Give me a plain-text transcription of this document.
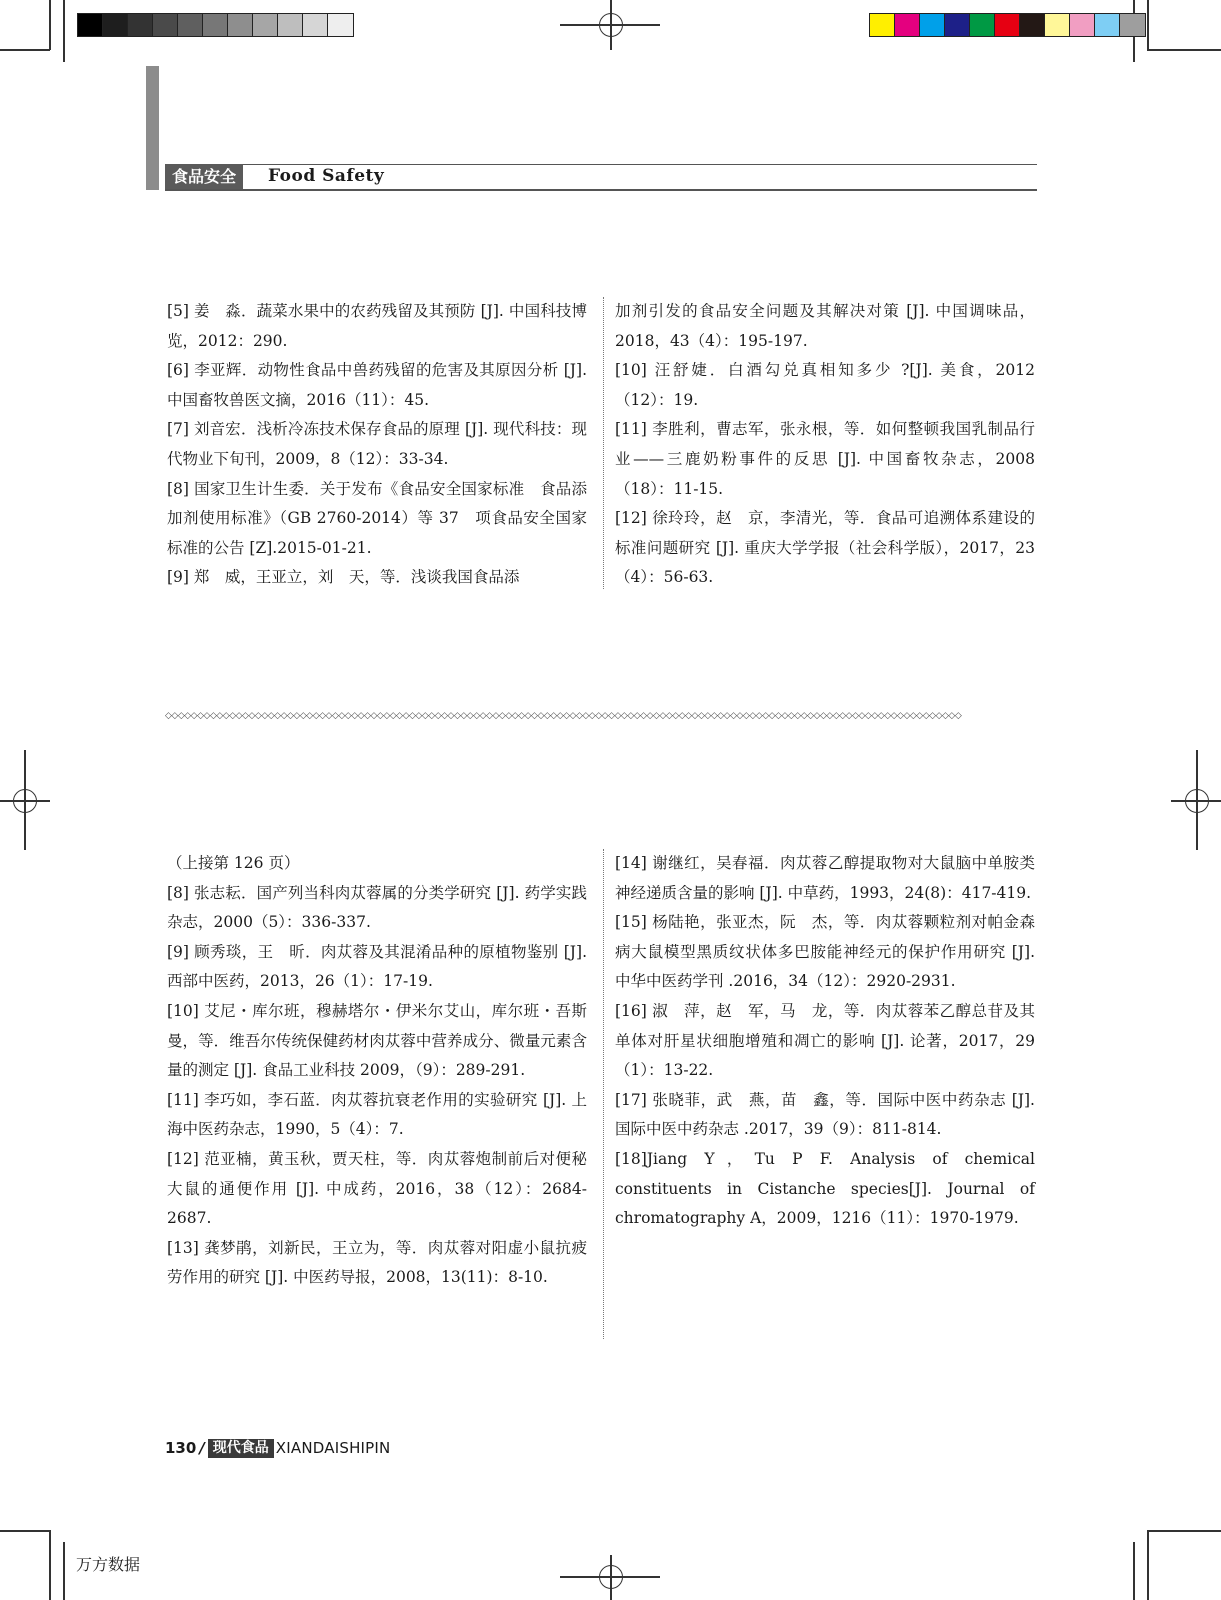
食品安全	Food Safety

[5] 姜　淼．蔬菜水果中的农药残留及其预防 [J]. 中国科技博览，2012：290.

[6] 李亚辉．动物性食品中兽药残留的危害及其原因分析 [J]. 中国畜牧兽医文摘，2016（11）：45.

[7] 刘音宏．浅析冷冻技术保存食品的原理 [J]. 现代科技：现代物业下旬刊，2009，8（12）：33-34.

[8] 国家卫生计生委．关于发布《食品安全国家标准　食品添加剂使用标准》（GB 2760-2014）等 37　项食品安全国家标准的公告 [Z].2015-01-21.

[9] 郑　威，王亚立，刘　天，等．浅谈我国食品添

加剂引发的食品安全问题及其解决对策 [J]. 中国调味品，2018，43（4）：195-197.

[10] 汪舒婕．白酒勾兑真相知多少 ?[J]. 美食，2012（12）：19.

[11] 李胜利，曹志军，张永根，等．如何整顿我国乳制品行业——三鹿奶粉事件的反思 [J]. 中国畜牧杂志，2008（18）：11-15.

[12] 徐玲玲，赵　京，李清光，等．食品可追溯体系建设的标准问题研究 [J]. 重庆大学学报（社会科学版），2017，23（4）：56-63.

◇◇◇◇◇◇◇◇◇◇◇◇◇◇◇◇◇◇◇◇◇◇◇◇◇◇◇◇◇◇◇◇◇◇◇◇◇◇◇◇◇◇◇◇◇◇◇◇◇◇◇◇◇◇◇◇◇◇◇◇◇◇◇◇◇◇◇◇◇◇◇◇◇◇◇◇◇◇◇◇◇◇◇◇◇◇◇◇◇◇◇◇◇◇◇◇◇◇◇◇◇◇◇◇◇◇◇◇◇◇◇◇◇◇◇◇◇◇◇◇◇◇◇◇

（上接第 126 页）

[8] 张志耘．国产列当科肉苁蓉属的分类学研究 [J]. 药学实践杂志，2000（5）：336-337.

[9] 顾秀琰，王　昕．肉苁蓉及其混淆品种的原植物鉴别 [J]. 西部中医药，2013，26（1）：17-19.

[10] 艾尼・库尔班，穆赫塔尔・伊米尔艾山，库尔班・吾斯曼，等．维吾尔传统保健药材肉苁蓉中营养成分、微量元素含量的测定 [J]. 食品工业科技 2009，（9）：289-291.

[11] 李巧如，李石蓝．肉苁蓉抗衰老作用的实验研究 [J]. 上海中医药杂志，1990，5（4）：7.

[12] 范亚楠，黄玉秋，贾天柱，等．肉苁蓉炮制前后对便秘大鼠的通便作用 [J]. 中成药，2016，38（12）：2684-2687.

[13] 龚梦鹃，刘新民，王立为，等．肉苁蓉对阳虚小鼠抗疲劳作用的研究 [J]. 中医药导报，2008，13(11)：8-10.

[14] 谢继红，吴春福．肉苁蓉乙醇提取物对大鼠脑中单胺类神经递质含量的影响 [J]. 中草药，1993，24(8)：417-419.

[15] 杨陆艳，张亚杰，阮　杰，等．肉苁蓉颗粒剂对帕金森病大鼠模型黑质纹状体多巴胺能神经元的保护作用研究 [J]. 中华中医药学刊 .2016，34（12）：2920-2931.

[16] 淑　萍，赵　军，马　龙，等．肉苁蓉苯乙醇总苷及其单体对肝星状细胞增殖和凋亡的影响 [J]. 论著，2017，29（1）：13-22.

[17] 张晓菲，武　燕，苗　鑫，等．国际中医中药杂志 [J]. 国际中医中药杂志 .2017，39（9）：811-814.

[18]Jiang Y，Tu P F. Analysis of chemical constituents in Cistanche species[J]. Journal of chromatography A，2009，1216（11）：1970-1979.

130 / 现代食品 XIANDAISHIPIN
万方数据
